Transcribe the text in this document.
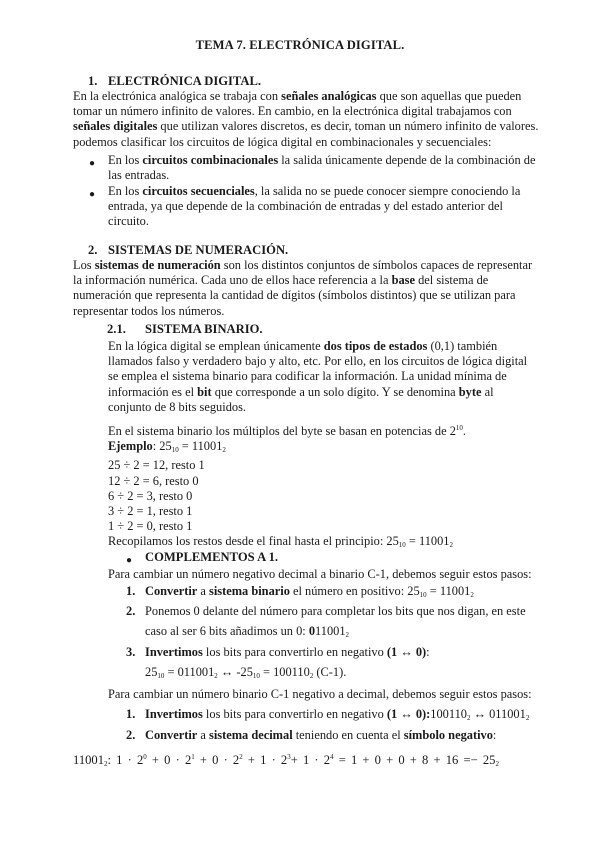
TEMA 7. ELECTRÓNICA DIGITAL.
1. ELECTRÓNICA DIGITAL.
En la electrónica analógica se trabaja con señales analógicas que son aquellas que pueden
tomar un número infinito de valores. En cambio, en la electrónica digital trabajamos con
señales digitales que utilizan valores discretos, es decir, toman un número infinito de valores.
podemos clasificar los circuitos de lógica digital en combinacionales y secuenciales:
● En los circuitos combinacionales la salida únicamente depende de la combinación de
las entradas.
● En los circuitos secuenciales, la salida no se puede conocer siempre conociendo la
entrada, ya que depende de la combinación de entradas y del estado anterior del
circuito.
2. SISTEMAS DE NUMERACIÓN.
Los sistemas de numeración son los distintos conjuntos de símbolos capaces de representar
la información numérica. Cada uno de ellos hace referencia a la base del sistema de
numeración que representa la cantidad de dígitos (símbolos distintos) que se utilizan para
representar todos los números.
2.1. SISTEMA BINARIO.
En la lógica digital se emplean únicamente dos tipos de estados (0,1) también
llamados falso y verdadero bajo y alto, etc. Por ello, en los circuitos de lógica digital
se emplea el sistema binario para codificar la información. La unidad mínima de
información es el bit que corresponde a un solo dígito. Y se denomina byte al
conjunto de 8 bits seguidos.
En el sistema binario los múltiplos del byte se basan en potencias de $2^{10}$.
Ejemplo: $25_{10} = 11001_2$
25 ÷ 2 = 12, resto 1
12 ÷ 2 = 6, resto 0
6 ÷ 2 = 3, resto 0
3 ÷ 2 = 1, resto 1
1 ÷ 2 = 0, resto 1
Recopilamos los restos desde el final hasta el principio: $25_{10} = 11001_2$
● COMPLEMENTOS A 1.
Para cambiar un número negativo decimal a binario C-1, debemos seguir estos pasos:
1. Convertir a sistema binario el número en positivo: $25_{10} = 11001_2$
2. Ponemos 0 delante del número para completar los bits que nos digan, en este
caso al ser 6 bits añadimos un 0: $011001_2$
3. Invertimos los bits para convertirlo en negativo (1 ↔ 0):
$25_{10} = 011001_2$ ↔ $-25_{10} = 100110_2$ (C-1).
Para cambiar un número binario C-1 negativo a decimal, debemos seguir estos pasos:
1. Invertimos los bits para convertirlo en negativo (1 ↔ $0):100110_2$ ↔ $011001_2$
2. Convertir a sistema decimal teniendo en cuenta el símbolo negativo:
$11001_2$: $1 \cdot 2^0 + 0 \cdot 2^1 + 0 \cdot 2^2 + 1 \cdot 2^3+ 1 \cdot 2^4 = 1 + 0 + 0 + 8 + 16 =- 25_2$
